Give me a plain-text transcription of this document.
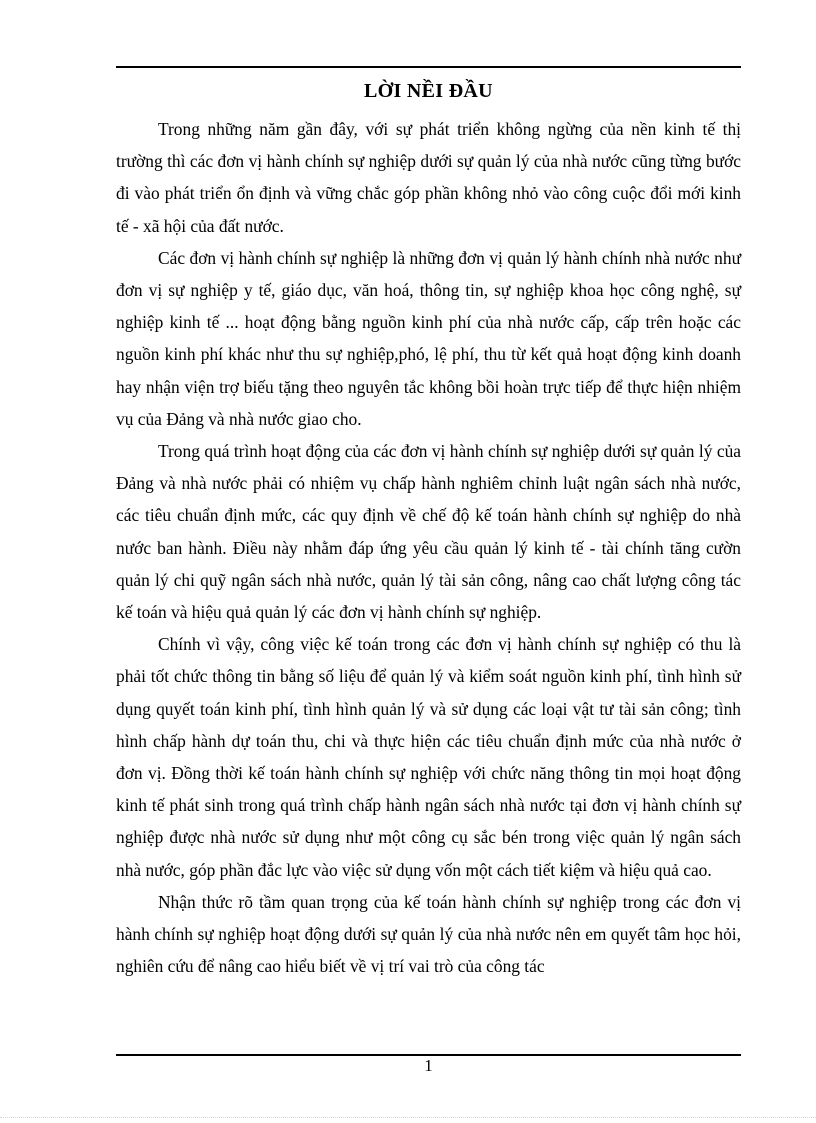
LỜI NỀI ĐẦU

Trong những năm gần đây, với sự phát triển không ngừng của nền kinh tế thị trường thì các đơn vị hành chính sự nghiệp dưới sự quản lý của nhà nước cũng từng bước đi vào phát triển ổn định và vững chắc góp phần không nhỏ vào công cuộc đổi mới kinh tế - xã hội của đất nước.

Các đơn vị hành chính sự nghiệp là những đơn vị quản lý hành chính nhà nước như đơn vị sự nghiệp y tế, giáo dục, văn hoá, thông tin, sự nghiệp khoa học công nghệ, sự nghiệp kinh tế ... hoạt động bằng nguồn kinh phí của nhà nước cấp, cấp trên hoặc các nguồn kinh phí khác như thu sự nghiệp,phó, lệ phí, thu từ kết quả hoạt động kinh doanh hay nhận viện trợ biếu tặng theo nguyên tắc không bồi hoàn trực tiếp để thực hiện nhiệm vụ của Đảng và nhà nước giao cho.

Trong quá trình hoạt động của các đơn vị hành chính sự nghiệp dưới sự quản lý của Đảng và nhà nước phải có nhiệm vụ chấp hành nghiêm chỉnh luật ngân sách nhà nước, các tiêu chuẩn định mức, các quy định về chế độ kế toán hành chính sự nghiệp do nhà nước ban hành. Điều này nhằm đáp ứng yêu cầu quản lý kinh tế - tài chính tăng cườn quản lý chi quỹ ngân sách nhà nước, quản lý tài sản công, nâng cao chất lượng công tác kế toán và hiệu quả quản lý các đơn vị hành chính sự nghiệp.

Chính vì vậy, công việc kế toán trong các đơn vị hành chính sự nghiệp có thu là phải tốt chức thông tin bằng số liệu để quản lý và kiểm soát nguồn kinh phí, tình hình sử dụng quyết toán kinh phí, tình hình quản lý và sử dụng các loại vật tư tài sản công; tình hình chấp hành dự toán thu, chi và thực hiện các tiêu chuẩn định mức của nhà nước ở đơn vị. Đồng thời kế toán hành chính sự nghiệp với chức năng thông tin mọi hoạt động kinh tế phát sinh trong quá trình chấp hành ngân sách nhà nước tại đơn vị hành chính sự nghiệp được nhà nước sử dụng như một công cụ sắc bén trong việc quản lý ngân sách nhà nước, góp phần đắc lực vào việc sử dụng vốn một cách tiết kiệm và hiệu quả cao.

Nhận thức rõ tầm quan trọng của kế toán hành chính sự nghiệp trong các đơn vị hành chính sự nghiệp hoạt động dưới sự quản lý của nhà nước nên em quyết tâm học hỏi, nghiên cứu để nâng cao hiểu biết về vị trí vai trò của công tác

1
